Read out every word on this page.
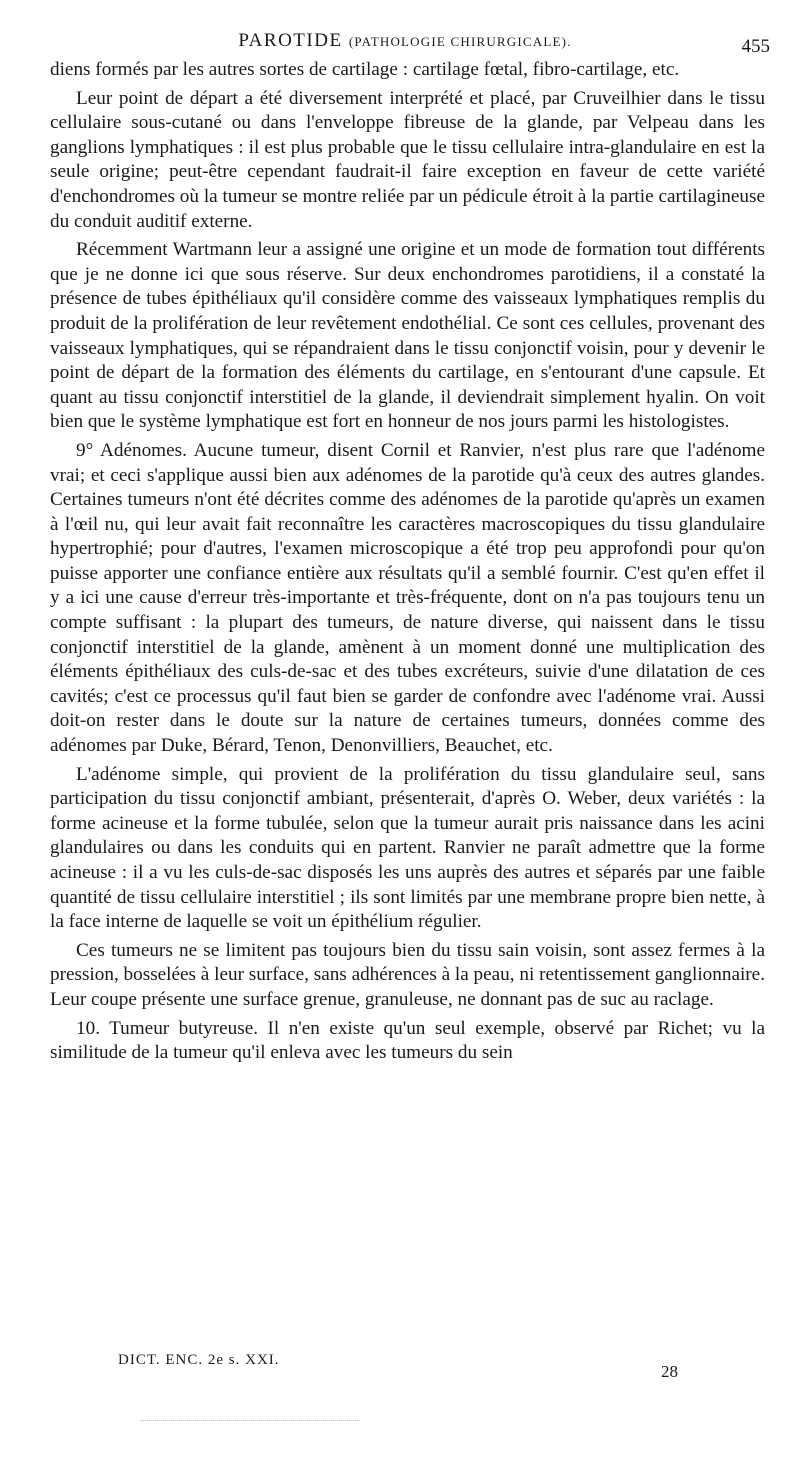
PAROTIDE (PATHOLOGIE CHIRURGICALE).	455

diens formés par les autres sortes de cartilage : cartilage fœtal, fibro-cartilage, etc.

Leur point de départ a été diversement interprété et placé, par Cruveilhier dans le tissu cellulaire sous-cutané ou dans l'enveloppe fibreuse de la glande, par Velpeau dans les ganglions lymphatiques : il est plus probable que le tissu cellulaire intra-glandulaire en est la seule origine; peut-être cependant faudrait-il faire exception en faveur de cette variété d'enchondromes où la tumeur se montre reliée par un pédicule étroit à la partie cartilagineuse du conduit auditif externe.

Récemment Wartmann leur a assigné une origine et un mode de formation tout différents que je ne donne ici que sous réserve. Sur deux enchondromes parotidiens, il a constaté la présence de tubes épithéliaux qu'il considère comme des vaisseaux lymphatiques remplis du produit de la prolifération de leur revêtement endothélial. Ce sont ces cellules, provenant des vaisseaux lymphatiques, qui se répandraient dans le tissu conjonctif voisin, pour y devenir le point de départ de la formation des éléments du cartilage, en s'entourant d'une capsule. Et quant au tissu conjonctif interstitiel de la glande, il deviendrait simplement hyalin. On voit bien que le système lymphatique est fort en honneur de nos jours parmi les histologistes.

9° Adénomes. Aucune tumeur, disent Cornil et Ranvier, n'est plus rare que l'adénome vrai; et ceci s'applique aussi bien aux adénomes de la parotide qu'à ceux des autres glandes. Certaines tumeurs n'ont été décrites comme des adénomes de la parotide qu'après un examen à l'œil nu, qui leur avait fait reconnaître les caractères macroscopiques du tissu glandulaire hypertrophié; pour d'autres, l'examen microscopique a été trop peu approfondi pour qu'on puisse apporter une confiance entière aux résultats qu'il a semblé fournir. C'est qu'en effet il y a ici une cause d'erreur très-importante et très-fréquente, dont on n'a pas toujours tenu un compte suffisant : la plupart des tumeurs, de nature diverse, qui naissent dans le tissu conjonctif interstitiel de la glande, amènent à un moment donné une multiplication des éléments épithéliaux des culs-de-sac et des tubes excréteurs, suivie d'une dilatation de ces cavités; c'est ce processus qu'il faut bien se garder de confondre avec l'adénome vrai. Aussi doit-on rester dans le doute sur la nature de certaines tumeurs, données comme des adénomes par Duke, Bérard, Tenon, Denonvilliers, Beauchet, etc.

L'adénome simple, qui provient de la prolifération du tissu glandulaire seul, sans participation du tissu conjonctif ambiant, présenterait, d'après O. Weber, deux variétés : la forme acineuse et la forme tubulée, selon que la tumeur aurait pris naissance dans les acini glandulaires ou dans les conduits qui en partent. Ranvier ne paraît admettre que la forme acineuse : il a vu les culs-de-sac disposés les uns auprès des autres et séparés par une faible quantité de tissu cellulaire interstitiel ; ils sont limités par une membrane propre bien nette, à la face interne de laquelle se voit un épithélium régulier.

Ces tumeurs ne se limitent pas toujours bien du tissu sain voisin, sont assez fermes à la pression, bosselées à leur surface, sans adhérences à la peau, ni retentissement ganglionnaire. Leur coupe présente une surface grenue, granuleuse, ne donnant pas de suc au raclage.

10. Tumeur butyreuse. Il n'en existe qu'un seul exemple, observé par Richet; vu la similitude de la tumeur qu'il enleva avec les tumeurs du sein

DICT. ENC. 2e s. XXI.
28
